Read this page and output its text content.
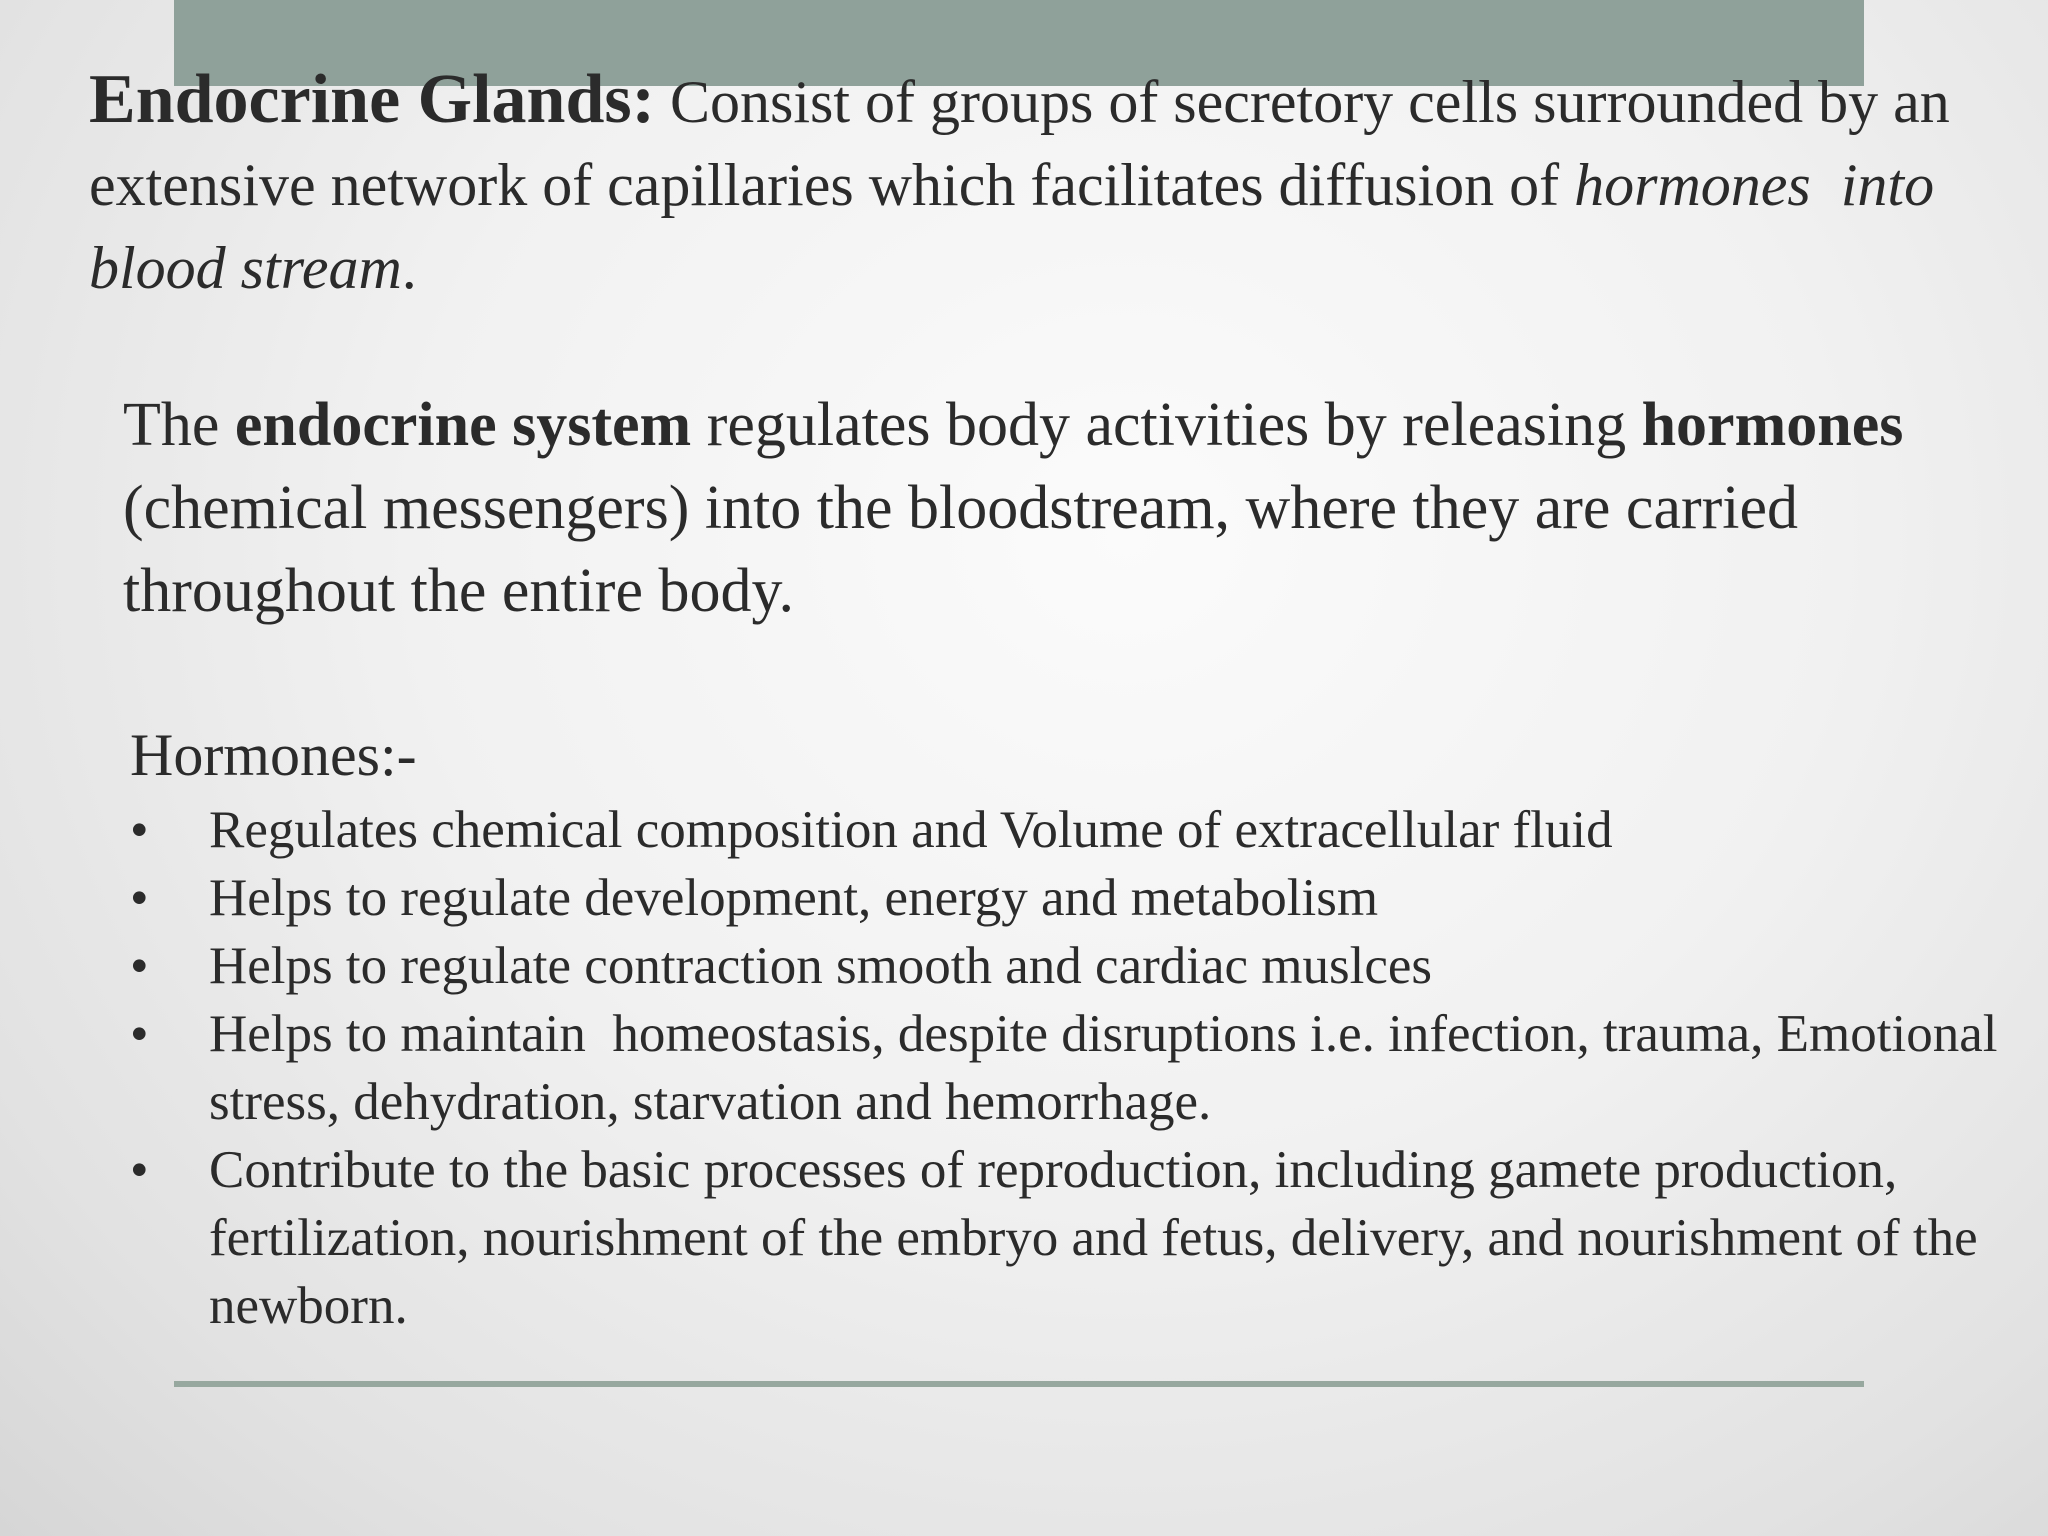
Endocrine Glands: Consist of groups of secretory cells surrounded by an extensive network of capillaries which facilitates diffusion of hormones  into blood stream.

The endocrine system regulates body activities by releasing hormones (chemical messengers) into the bloodstream, where they are carried throughout the entire body.

Hormones:-
•	Regulates chemical composition and Volume of extracellular fluid
•	Helps to regulate development, energy and metabolism
•	Helps to regulate contraction smooth and cardiac muslces
•	Helps to maintain  homeostasis, despite disruptions i.e. infection, trauma, Emotional stress, dehydration, starvation and hemorrhage.
•	Contribute to the basic processes of reproduction, including gamete production, fertilization, nourishment of the embryo and fetus, delivery, and nourishment of the newborn.
